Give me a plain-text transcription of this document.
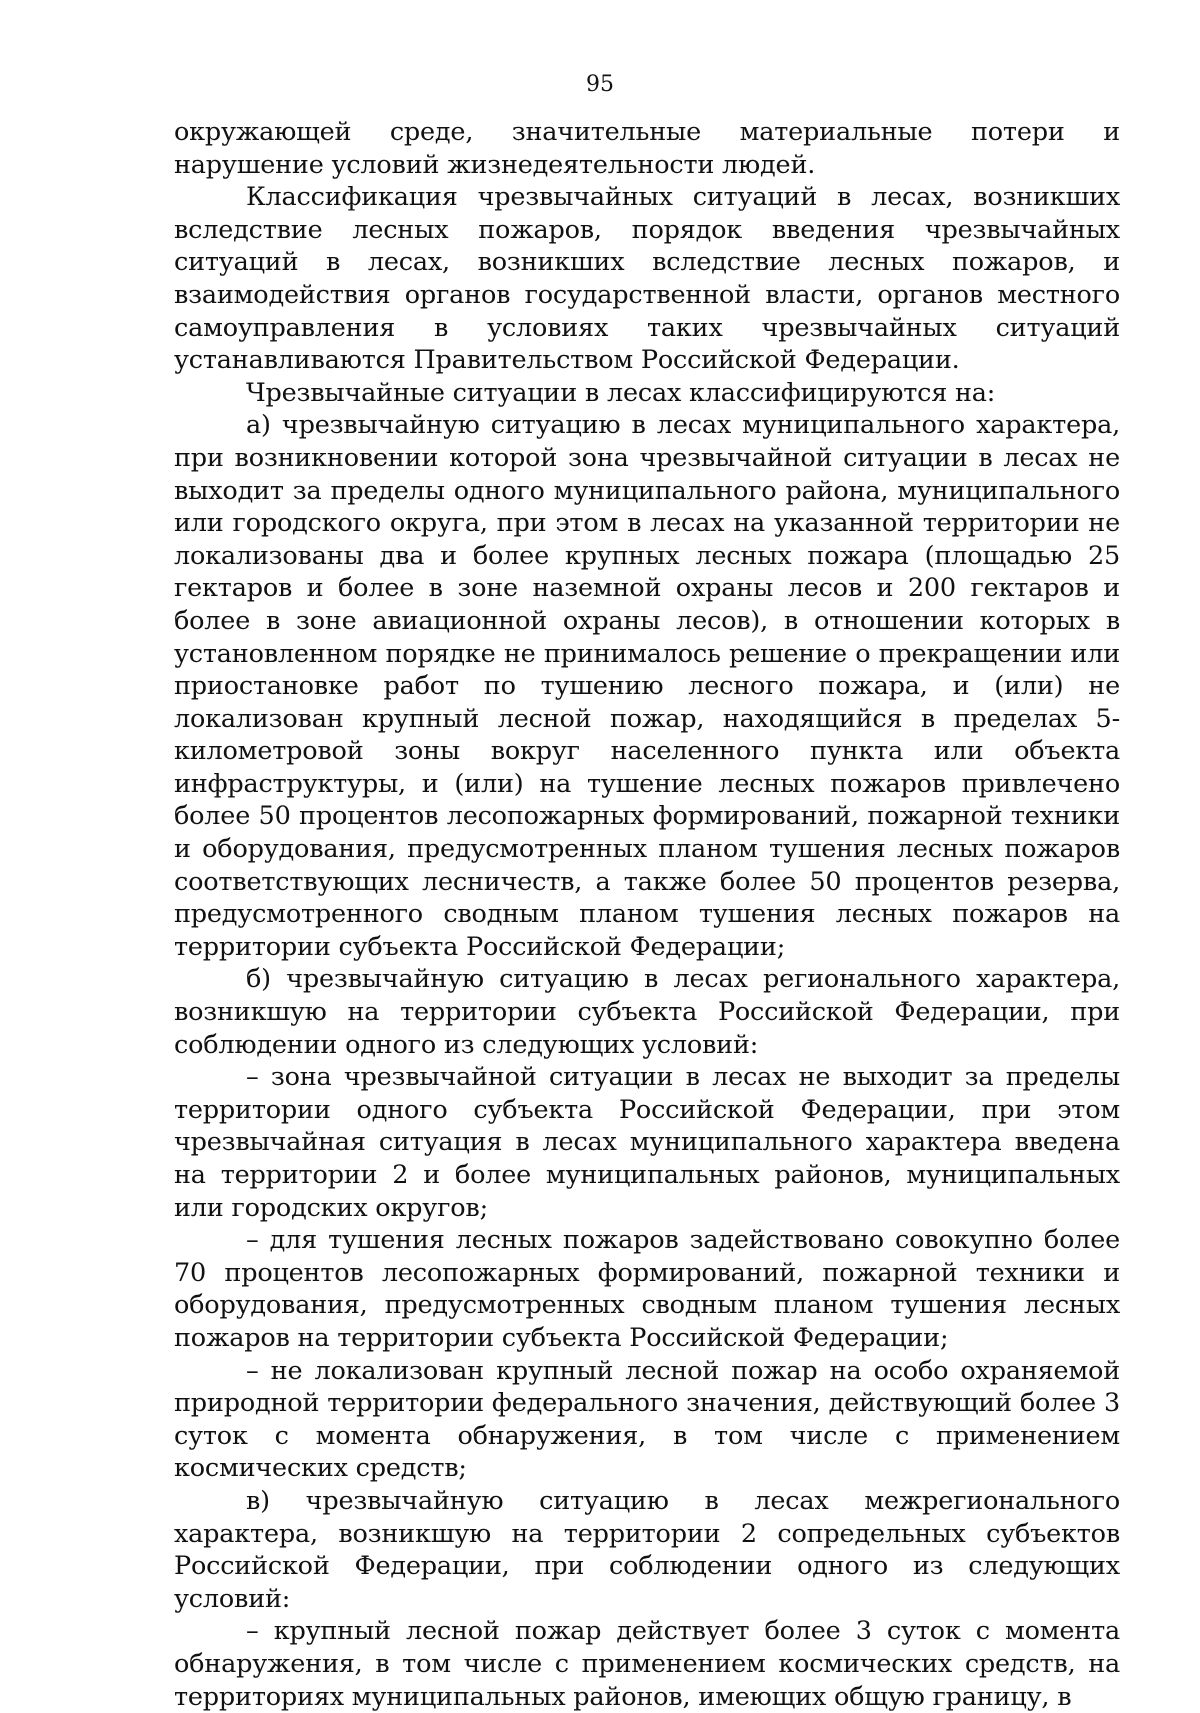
95

окружающей среде, значительные материальные потери и нарушение условий жизнедеятельности людей.

Классификация чрезвычайных ситуаций в лесах, возникших вследствие лесных пожаров, порядок введения чрезвычайных ситуаций в лесах, возникших вследствие лесных пожаров, и взаимодействия органов государственной власти, органов местного самоуправления в условиях таких чрезвычайных ситуаций устанавливаются Правительством Российской Федерации.

Чрезвычайные ситуации в лесах классифицируются на:

а) чрезвычайную ситуацию в лесах муниципального характера, при возникновении которой зона чрезвычайной ситуации в лесах не выходит за пределы одного муниципального района, муниципального или городского округа, при этом в лесах на указанной территории не локализованы два и более крупных лесных пожара (площадью 25 гектаров и более в зоне наземной охраны лесов и 200 гектаров и более в зоне авиационной охраны лесов), в отношении которых в установленном порядке не принималось решение о прекращении или приостановке работ по тушению лесного пожара, и (или) не локализован крупный лесной пожар, находящийся в пределах 5-километровой зоны вокруг населенного пункта или объекта инфраструктуры, и (или) на тушение лесных пожаров привлечено более 50 процентов лесопожарных формирований, пожарной техники и оборудования, предусмотренных планом тушения лесных пожаров соответствующих лесничеств, а также более 50 процентов резерва, предусмотренного сводным планом тушения лесных пожаров на территории субъекта Российской Федерации;

б) чрезвычайную ситуацию в лесах регионального характера, возникшую на территории субъекта Российской Федерации, при соблюдении одного из следующих условий:

– зона чрезвычайной ситуации в лесах не выходит за пределы территории одного субъекта Российской Федерации, при этом чрезвычайная ситуация в лесах муниципального характера введена на территории 2 и более муниципальных районов, муниципальных или городских округов;

– для тушения лесных пожаров задействовано совокупно более 70 процентов лесопожарных формирований, пожарной техники и оборудования, предусмотренных сводным планом тушения лесных пожаров на территории субъекта Российской Федерации;

– не локализован крупный лесной пожар на особо охраняемой природной территории федерального значения, действующий более 3 суток с момента обнаружения, в том числе с применением космических средств;

в) чрезвычайную ситуацию в лесах межрегионального характера, возникшую на территории 2 сопредельных субъектов Российской Федерации, при соблюдении одного из следующих условий:

– крупный лесной пожар действует более 3 суток с момента обнаружения, в том числе с применением космических средств, на территориях муниципальных районов, имеющих общую границу, в
